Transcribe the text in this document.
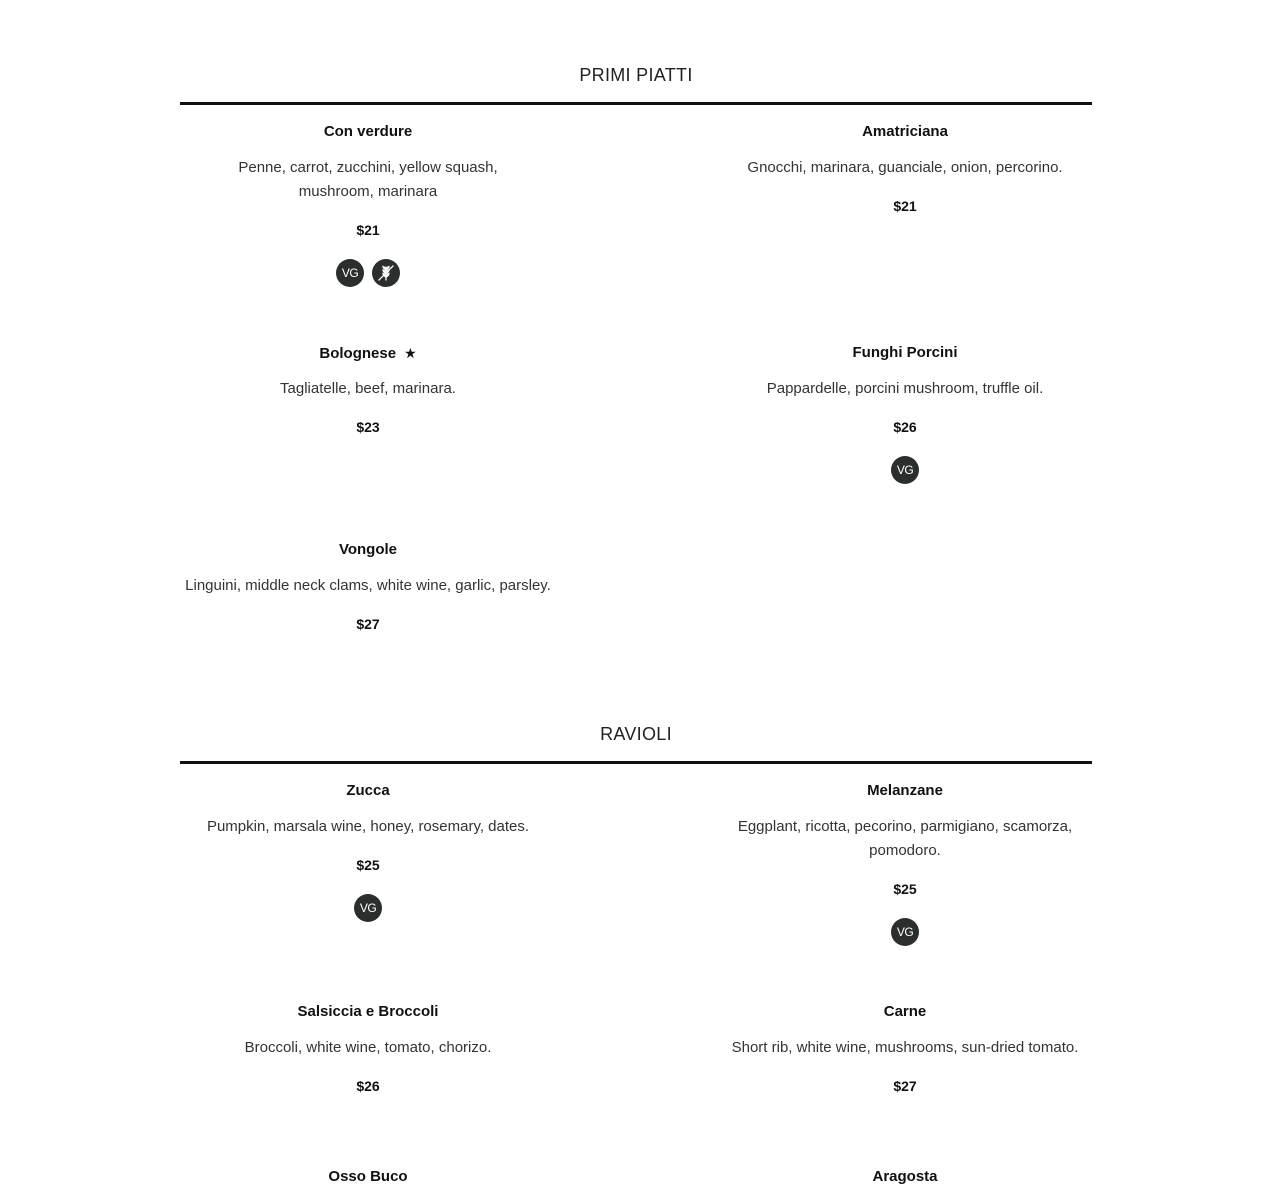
PRIMI PIATTI
Con verdure
Penne, carrot, zucchini, yellow squash, mushroom, marinara
$21
VG
Amatriciana
Gnocchi, marinara, guanciale, onion, percorino.
$21
Bolognese ★
Tagliatelle, beef, marinara.
$23
Funghi Porcini
Pappardelle, porcini mushroom, truffle oil.
$26
VG
Vongole
Linguini, middle neck clams, white wine, garlic, parsley.
$27
RAVIOLI
Zucca
Pumpkin, marsala wine, honey, rosemary, dates.
$25
VG
Melanzane
Eggplant, ricotta, pecorino, parmigiano, scamorza, pomodoro.
$25
VG
Salsiccia e Broccoli
Broccoli, white wine, tomato, chorizo.
$26
Carne
Short rib, white wine, mushrooms, sun-dried tomato.
$27
Osso Buco	Aragosta
